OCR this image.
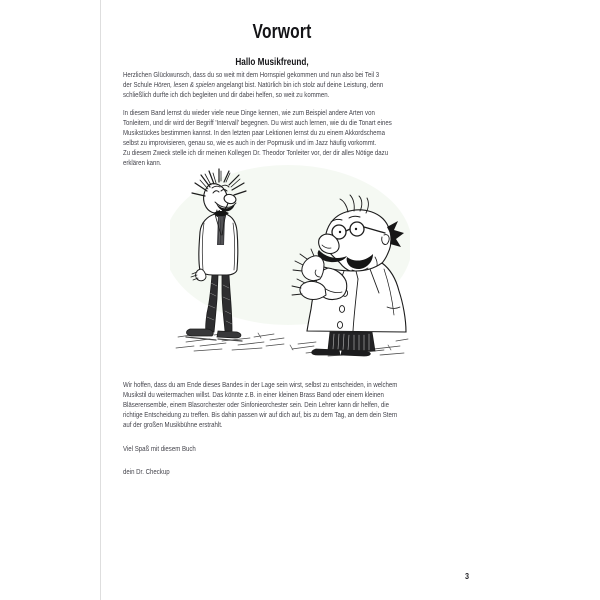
Vorwort
Hallo Musikfreund,
Herzlichen Glückwunsch, dass du so weit mit dem Hornspiel gekommen und nun also bei Teil 3
der Schule Hören, lesen & spielen angelangt bist. Natürlich bin ich stolz auf deine Leistung, denn
schließlich durfte ich dich begleiten und dir dabei helfen, so weit zu kommen.
In diesem Band lernst du wieder viele neue Dinge kennen, wie zum Beispiel andere Arten von
Tonleitern, und dir wird der Begriff 'Intervall' begegnen. Du wirst auch lernen, wie du die Tonart eines
Musikstückes bestimmen kannst. In den letzten paar Lektionen lernst du zu einem Akkordschema
selbst zu improvisieren, genau so, wie es auch in der Popmusik und im Jazz häufig vorkommt.
Zu diesem Zweck stelle ich dir meinen Kollegen Dr. Theodor Tonleiter vor, der dir alles Nötige dazu
erklären kann.
Wir hoffen, dass du am Ende dieses Bandes in der Lage sein wirst, selbst zu entscheiden, in welchem
Musikstil du weitermachen willst. Das könnte z.B. in einer kleinen Brass Band oder einem kleinen
Bläserensemble, einem Blasorchester oder Sinfonieorchester sein. Dein Lehrer kann dir helfen, die
richtige Entscheidung zu treffen. Bis dahin passen wir auf dich auf, bis zu dem Tag, an dem dein Stern
auf der großen Musikbühne erstrahlt.
Viel Spaß mit diesem Buch
dein Dr. Checkup
3
